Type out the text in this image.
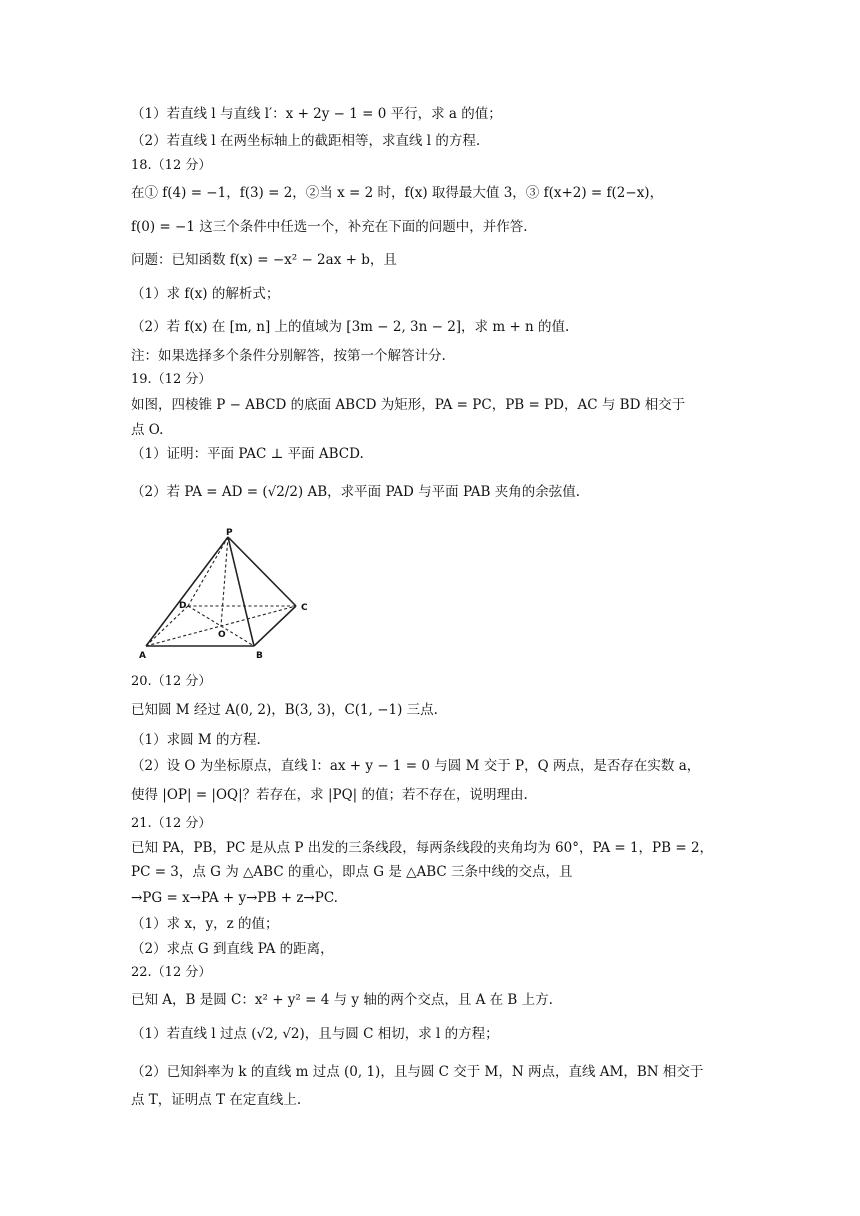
（1）若直线 l 与直线 l′：x + 2y − 1 = 0 平行，求 a 的值；
（2）若直线 l 在两坐标轴上的截距相等，求直线 l 的方程.
18.（12 分）
在① f(4) = −1，f(3) = 2，②当 x = 2 时，f(x) 取得最大值 3，③ f(x+2) = f(2−x)，
f(0) = −1 这三个条件中任选一个，补充在下面的问题中，并作答.
问题：已知函数 f(x) = −x² − 2ax + b，且
（1）求 f(x) 的解析式；
（2）若 f(x) 在 [m, n] 上的值域为 [3m − 2, 3n − 2]，求 m + n 的值.
注：如果选择多个条件分别解答，按第一个解答计分.
19.（12 分）
如图，四棱锥 P − ABCD 的底面 ABCD 为矩形，PA = PC，PB = PD，AC 与 BD 相交于
点 O.
（1）证明：平面 PAC ⊥ 平面 ABCD.
（2）若 PA = AD = (√2/2) AB，求平面 PAD 与平面 PAB 夹角的余弦值.
P
A	B
C
D
O
20.（12 分）
已知圆 M 经过 A(0, 2)，B(3, 3)，C(1, −1) 三点.
（1）求圆 M 的方程.
（2）设 O 为坐标原点，直线 l：ax + y − 1 = 0 与圆 M 交于 P，Q 两点，是否存在实数 a，
使得 |OP| = |OQ|？若存在，求 |PQ| 的值；若不存在，说明理由.
21.（12 分）
已知 PA，PB，PC 是从点 P 出发的三条线段，每两条线段的夹角均为 60°，PA = 1，PB = 2，
PC = 3，点 G 为 △ABC 的重心，即点 G 是 △ABC 三条中线的交点，且
→PG = x→PA + y→PB + z→PC.
（1）求 x，y，z 的值；
（2）求点 G 到直线 PA 的距离，
22.（12 分）
已知 A，B 是圆 C：x² + y² = 4 与 y 轴的两个交点，且 A 在 B 上方.
（1）若直线 l 过点 (√2, √2)，且与圆 C 相切，求 l 的方程；
（2）已知斜率为 k 的直线 m 过点 (0, 1)，且与圆 C 交于 M，N 两点，直线 AM，BN 相交于
点 T，证明点 T 在定直线上.
